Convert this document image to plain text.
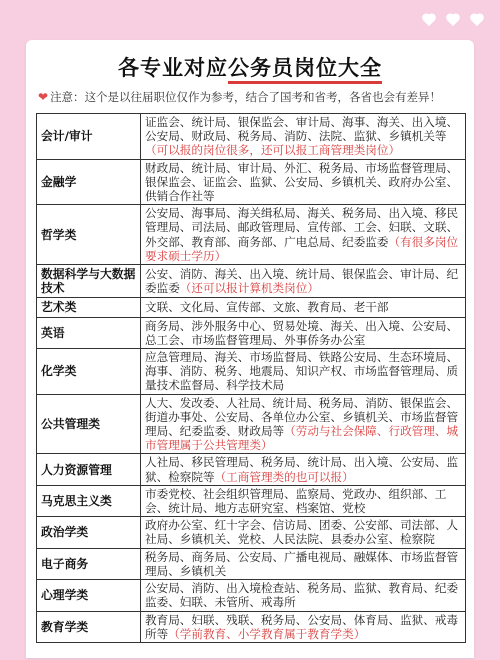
各专业对应公务员岗位大全
❤ 注意：这个是以往届职位仅作为参考，结合了国考和省考，各省也会有差异！
会计/审计	证监会、统计局、银保监会、审计局、海事、海关、出入境、公安局、财政局、税务局、消防、法院、监狱、乡镇机关等（可以报的岗位很多，还可以报工商管理类岗位）
金融学	财政局、统计局、审计局、外汇、税务局、市场监督管理局、银保监会、证监会、监狱、公安局、乡镇机关、政府办公室、供销合作社等
哲学类	公安局、海事局、海关缉私局、海关、税务局、出入境、移民管理局、司法局、邮政管理局、宣传部、工会、妇联、文联、外交部、教育部、商务部、广电总局、纪委监委（有很多岗位要求硕士学历）
数据科学与大数据技术	公安、消防、海关、出入境、统计局、银保监会、审计局、纪委监委（还可以报计算机类岗位）
艺术类	文联、文化局、宣传部、文旅、教育局、老干部
英语	商务局、涉外服务中心、贸易处境、海关、出入境、公安局、总工会、市场监督管理局、外事侨务办公室
化学类	应急管理局、海关、市场监督局、铁路公安局、生态环境局、海事、消防、税务、地震局、知识产权、市场监督管理局、质量技术监督局、科学技术局
公共管理类	人大、发改委、人社局、统计局、税务局、消防、银保监会、街道办事处、公安局、各单位办公室、乡镇机关、市场监督管理局、纪委监委、财政局等（劳动与社会保障、行政管理、城市管理属于公共管理类）
人力资源管理	人社局、移民管理局、税务局、统计局、出入境、公安局、监狱、检察院等（工商管理类的也可以报）
马克思主义类	市委党校、社会组织管理局、监察局、党政办、组织部、工会、统计局、地方志研究室、档案馆、党校
政治学类	政府办公室、红十字会、信访局、团委、公安部、司法部、人社局、乡镇机关、党校、人民法院、县委办公室、检察院
电子商务	税务局、商务局、公安局、广播电视局、融媒体、市场监督管理局、乡镇机关
心理学类	公安局、消防、出入境检查站、税务局、监狱、教育局、纪委监委、妇联、未管所、戒毒所
教育学类	教育局、妇联、残联、税务局、公安局、体育局、监狱、戒毒所等（学前教育、小学教育属于教育学类）
